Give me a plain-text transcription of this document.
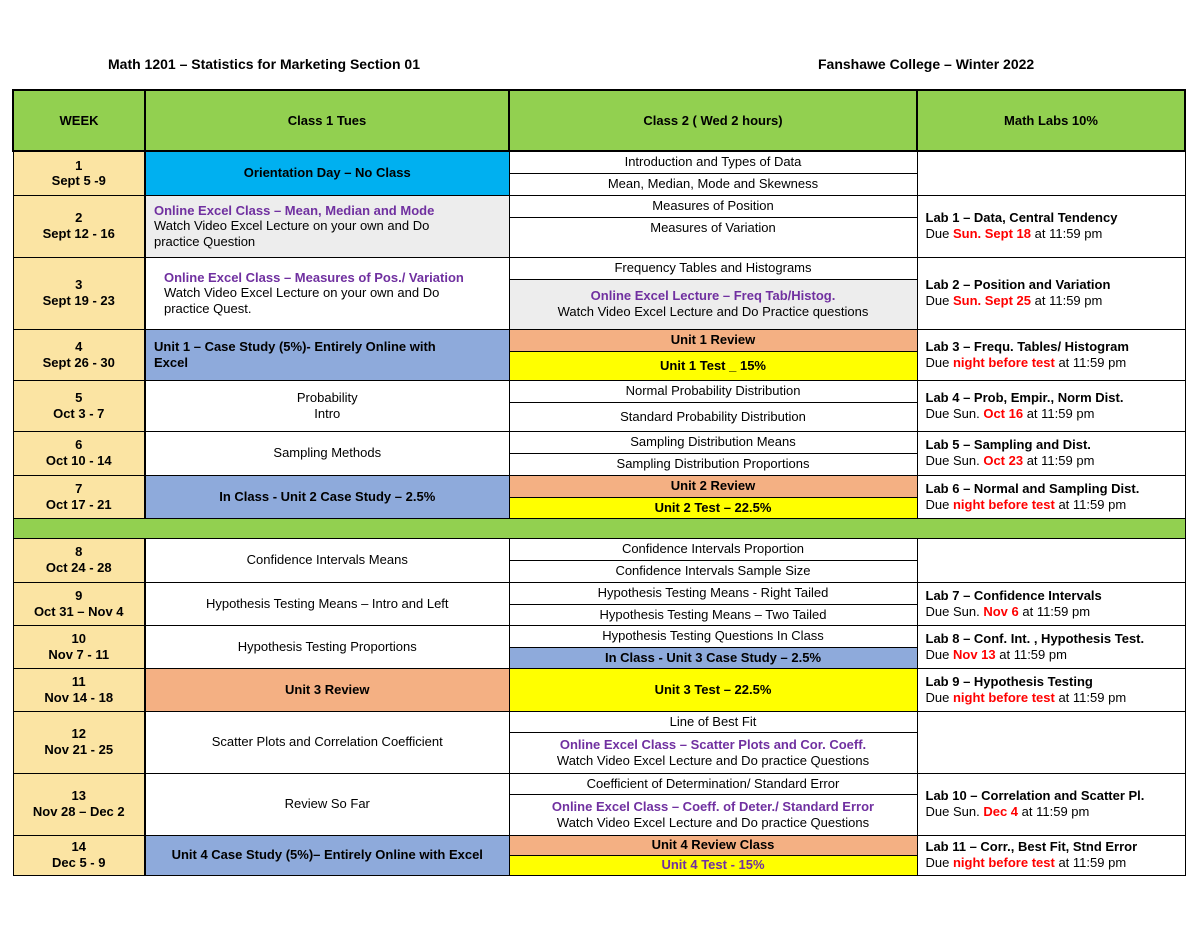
Math 1201 – Statistics for Marketing Section 01	Fanshawe College – Winter 2022
WEEK	Class 1 Tues	Class 2 ( Wed 2 hours)	Math Labs 10%

1
Sept 5 -9	Orientation Day – No Class	Introduction and Types of Data	
		Mean, Median, Mode and Skewness	

2
Sept 12 - 16	Online Excel Class – Mean, Median and Mode
Watch Video Excel Lecture on your own and Do
practice Question	Measures of Position	Lab 1 – Data, Central Tendency
Due Sun. Sept 18 at 11:59 pm

		Measures of Variation	

3
Sept 19 - 23	Online Excel Class – Measures of Pos./ Variation
Watch Video Excel Lecture on your own and Do
practice Quest.	Frequency Tables and Histograms	Lab 2 – Position and Variation
Due Sun. Sept 25 at 11:59 pm

		Online Excel Lecture – Freq Tab/Histog.
Watch Video Excel Lecture and Do Practice questions	

4
Sept 26 - 30	Unit 1 – Case Study (5%)- Entirely Online with
Excel	Unit 1 Review	Lab 3 – Frequ. Tables/ Histogram
Due night before test at 11:59 pm

		Unit 1 Test _ 15%	

5
Oct 3 - 7	Probability
Intro	Normal Probability Distribution	Lab 4 – Prob, Empir., Norm Dist.
Due Sun. Oct 16 at 11:59 pm

		Standard Probability Distribution	

6
Oct 10 - 14	Sampling Methods	Sampling Distribution Means	Lab 5 – Sampling and Dist.
Due Sun. Oct 23 at 11:59 pm

		Sampling Distribution Proportions	

7
Oct 17 - 21	In Class - Unit 2 Case Study – 2.5%	Unit 2 Review	Lab 6 – Normal and Sampling Dist.
Due night before test at 11:59 pm

		Unit 2 Test – 22.5%	

8
Oct 24 - 28	Confidence Intervals Means	Confidence Intervals Proportion	
		Confidence Intervals Sample Size	

9
Oct 31 – Nov 4	Hypothesis Testing Means – Intro and Left	Hypothesis Testing Means - Right Tailed	Lab 7 – Confidence Intervals
Due Sun. Nov 6 at 11:59 pm

		Hypothesis Testing Means – Two Tailed	

10
Nov 7 - 11	Hypothesis Testing Proportions	Hypothesis Testing Questions In Class	Lab 8 – Conf. Int. , Hypothesis Test.
Due Nov 13 at 11:59 pm

		In Class - Unit 3 Case Study – 2.5%	

11
Nov 14 - 18	Unit 3 Review	Unit 3 Test – 22.5%	Lab 9 – Hypothesis Testing
Due night before test at 11:59 pm

12
Nov 21 - 25	Scatter Plots and Correlation Coefficient	Line of Best Fit	

		Online Excel Class – Scatter Plots and Cor. Coeff.
Watch Video Excel Lecture and Do practice Questions	

13
Nov 28 – Dec 2	Review So Far	Coefficient of Determination/ Standard Error	Lab 10 – Correlation and Scatter Pl.
Due Sun. Dec 4 at 11:59 pm

		Online Excel Class – Coeff. of Deter./ Standard Error
Watch Video Excel Lecture and Do practice Questions	

14
Dec 5 - 9	Unit 4 Case Study (5%)– Entirely Online with Excel	Unit 4 Review Class	Lab 11 – Corr., Best Fit, Stnd Error
Due night before test at 11:59 pm

		Unit 4 Test - 15%	
